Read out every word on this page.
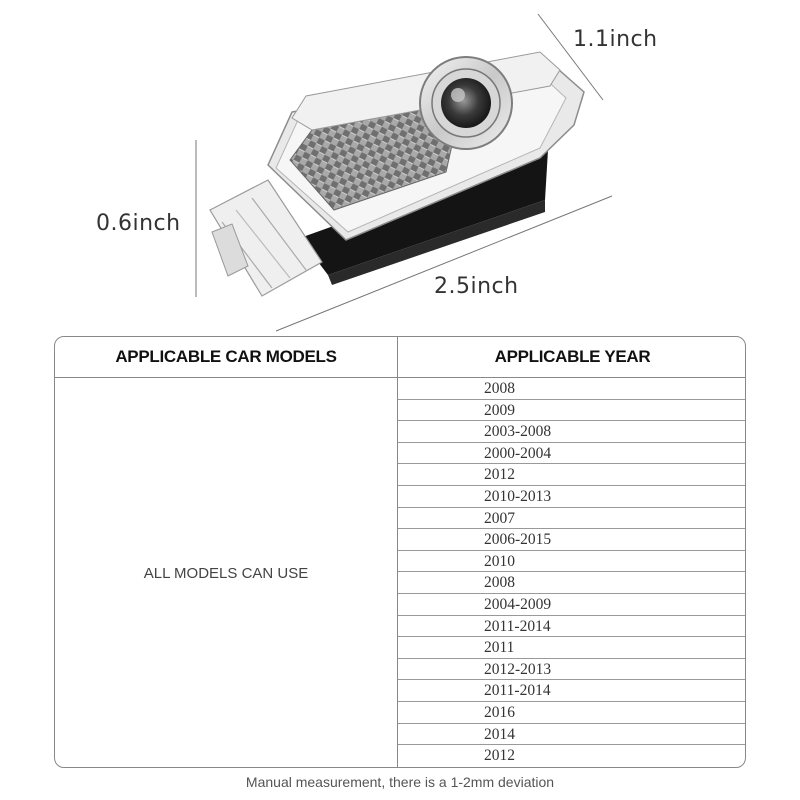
1.1inch
0.6inch
2.5inch
APPLICABLE CAR MODELS	APPLICABLE YEAR
ALL MODELS CAN USE
2008
2009
2003-2008
2000-2004
2012
2010-2013
2007
2006-2015
2010
2008
2004-2009
2011-2014
2011
2012-2013
2011-2014
2016
2014
2012
Manual measurement, there is a 1-2mm deviation
